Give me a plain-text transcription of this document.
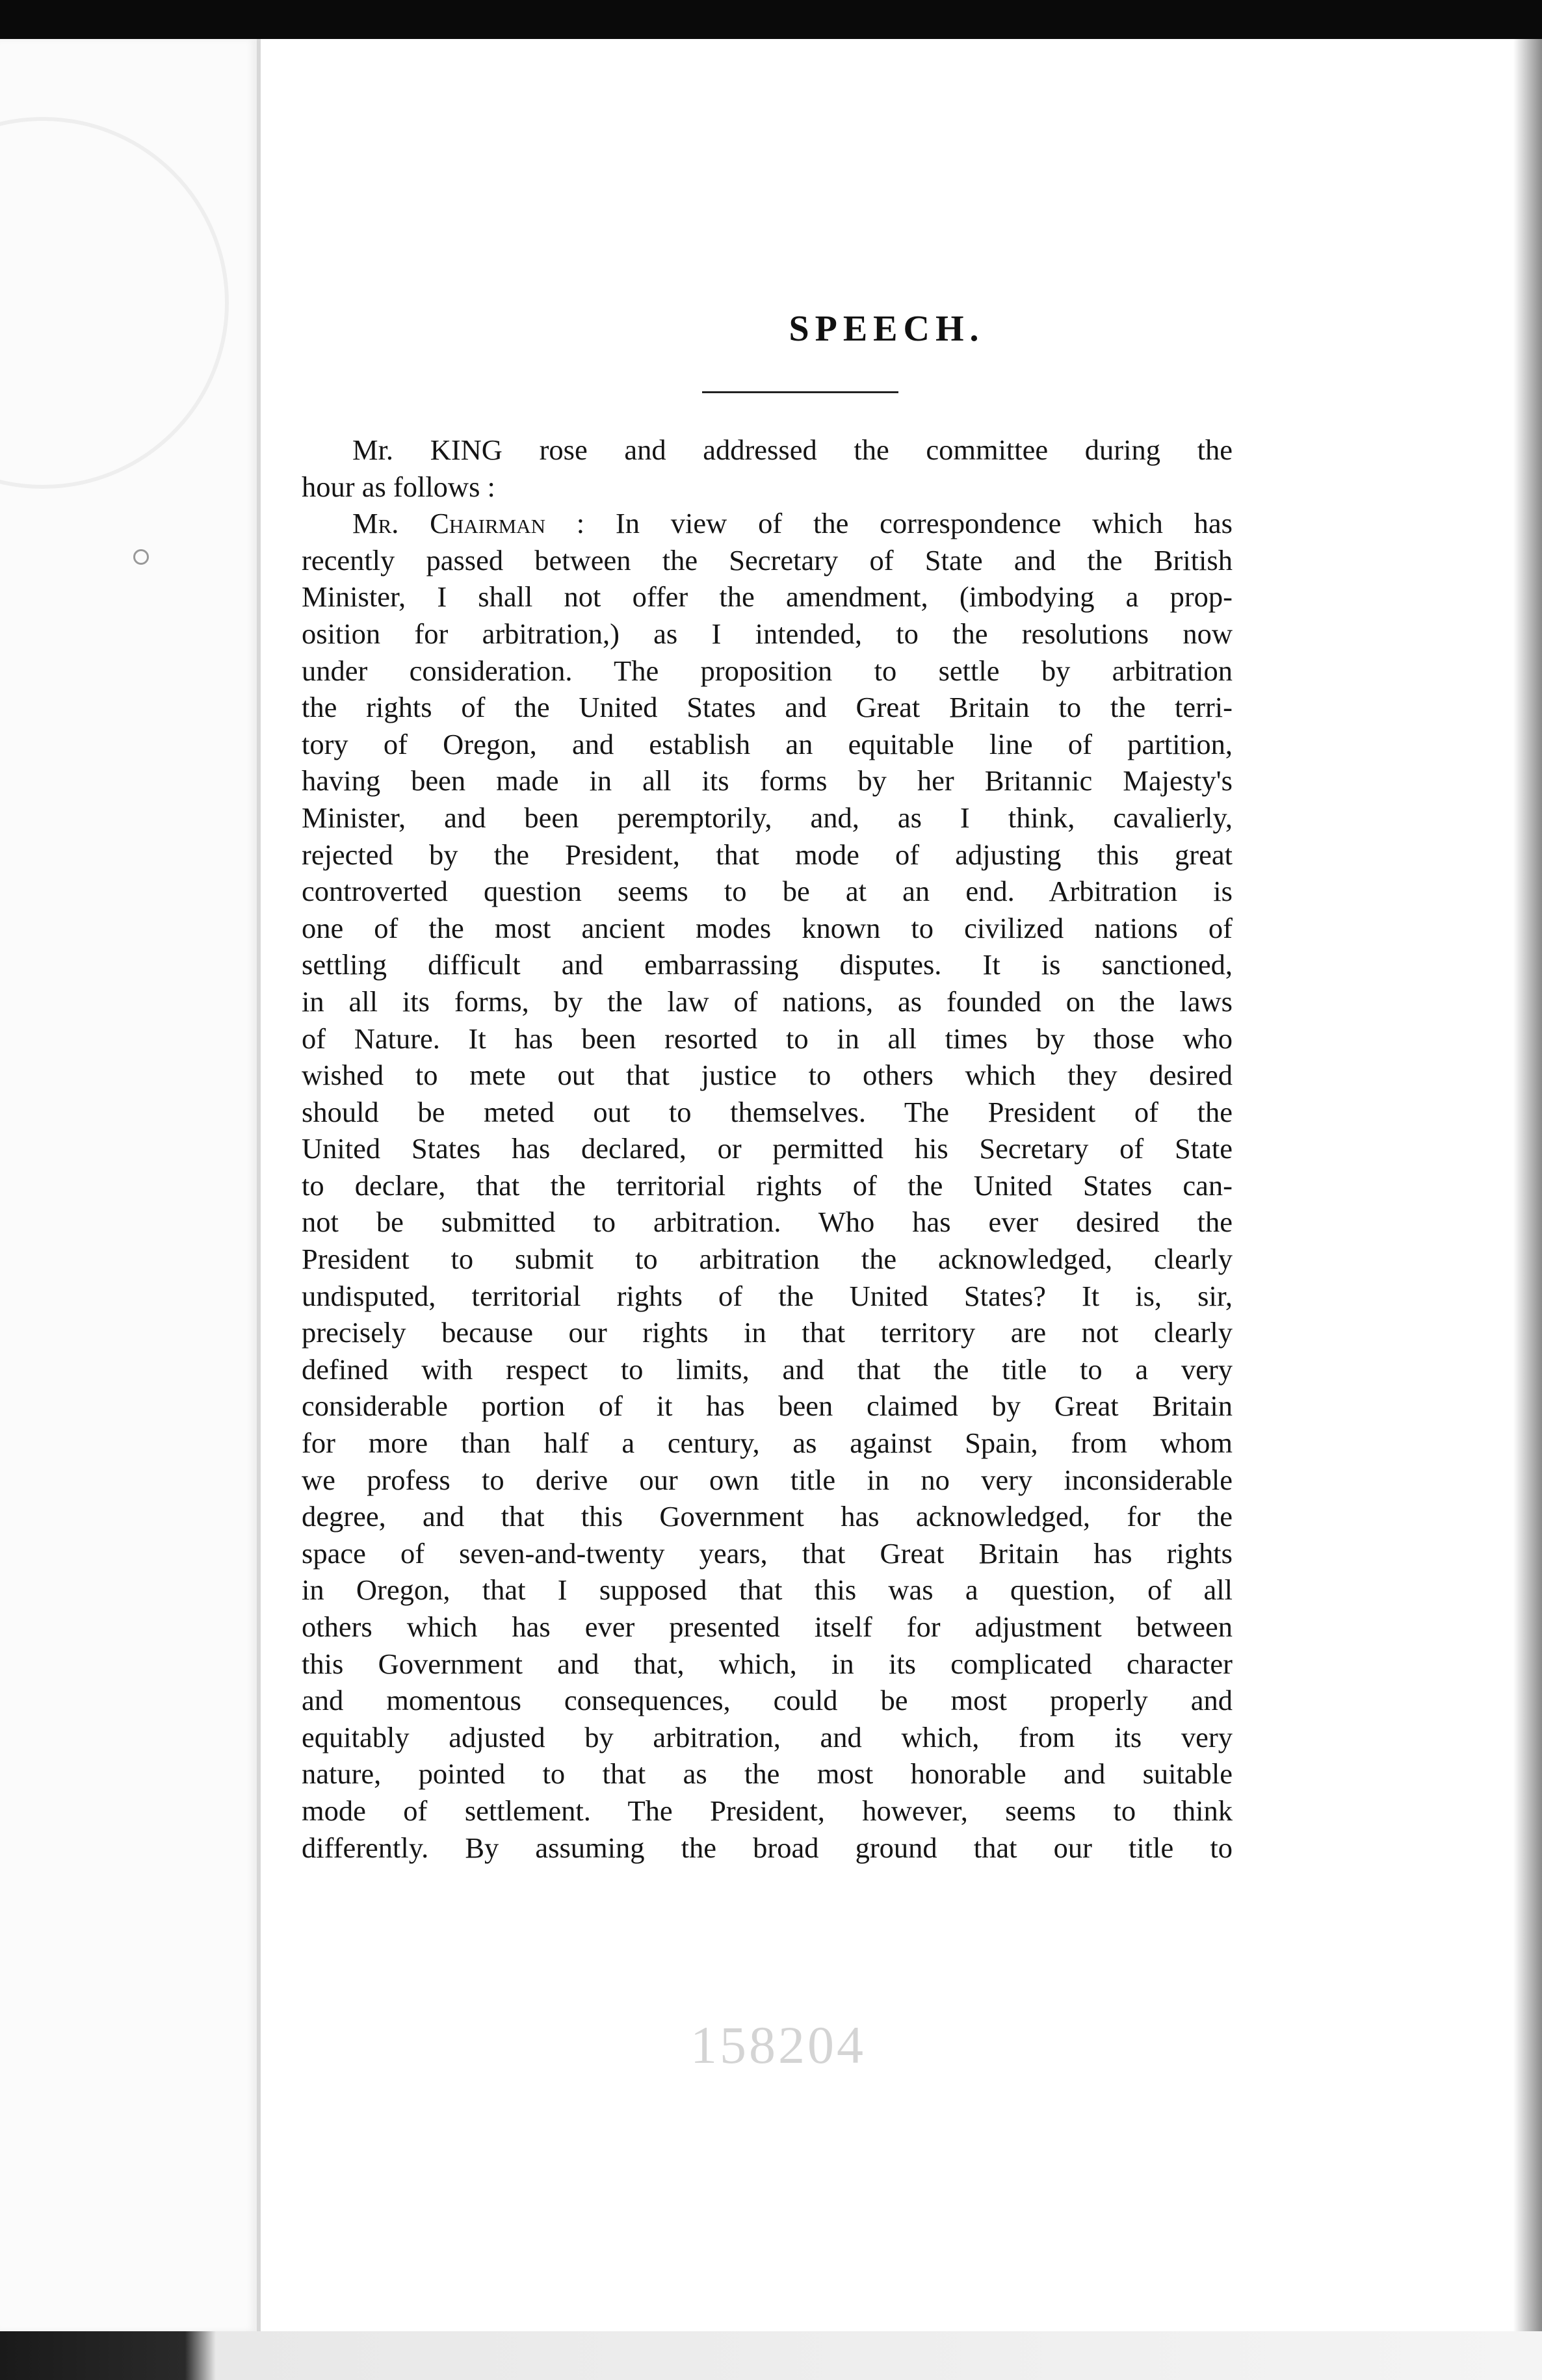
SPEECH.
Mr. KING rose and addressed the committee during the
hour as follows :
Mr. Chairman : In view of the correspondence which has
recently passed between the Secretary of State and the British
Minister, I shall not offer the amendment, (imbodying a prop-
osition for arbitration,) as I intended, to the resolutions now
under consideration. The proposition to settle by arbitration
the rights of the United States and Great Britain to the terri-
tory of Oregon, and establish an equitable line of partition,
having been made in all its forms by her Britannic Majesty's
Minister, and been peremptorily, and, as I think, cavalierly,
rejected by the President, that mode of adjusting this great
controverted question seems to be at an end. Arbitration is
one of the most ancient modes known to civilized nations of
settling difficult and embarrassing disputes. It is sanctioned,
in all its forms, by the law of nations, as founded on the laws
of Nature. It has been resorted to in all times by those who
wished to mete out that justice to others which they desired
should be meted out to themselves. The President of the
United States has declared, or permitted his Secretary of State
to declare, that the territorial rights of the United States can-
not be submitted to arbitration. Who has ever desired the
President to submit to arbitration the acknowledged, clearly
undisputed, territorial rights of the United States? It is, sir,
precisely because our rights in that territory are not clearly
defined with respect to limits, and that the title to a very
considerable portion of it has been claimed by Great Britain
for more than half a century, as against Spain, from whom
we profess to derive our own title in no very inconsiderable
degree, and that this Government has acknowledged, for the
space of seven-and-twenty years, that Great Britain has rights
in Oregon, that I supposed that this was a question, of all
others which has ever presented itself for adjustment between
this Government and that, which, in its complicated character
and momentous consequences, could be most properly and
equitably adjusted by arbitration, and which, from its very
nature, pointed to that as the most honorable and suitable
mode of settlement. The President, however, seems to think
differently. By assuming the broad ground that our title to
158204
